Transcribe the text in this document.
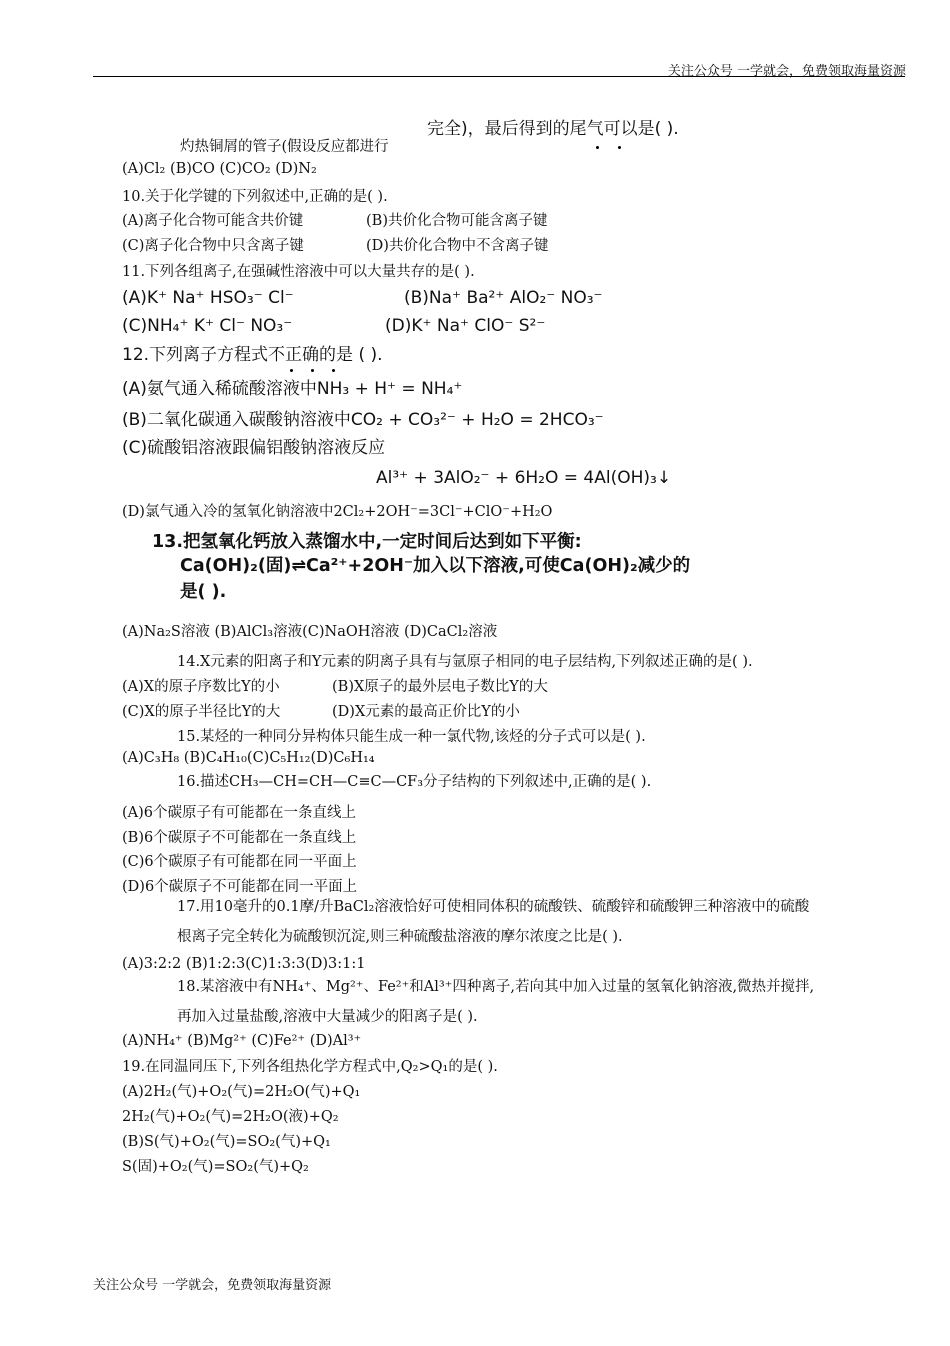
关注公众号 一学就会，免费领取海量资源
完全)，最后得到的尾气可以是( ).
灼热铜屑的管子(假设反应都进行
(A)Cl₂ (B)CO (C)CO₂ (D)N₂
10.关于化学键的下列叙述中,正确的是( ).
(A)离子化合物可能含共价键	(B)共价化合物可能含离子键
(C)离子化合物中只含离子键	(D)共价化合物中不含离子键
11.下列各组离子,在强碱性溶液中可以大量共存的是( ).
(A)K⁺ Na⁺ HSO₃⁻ Cl⁻	(B)Na⁺ Ba²⁺ AlO₂⁻ NO₃⁻
(C)NH₄⁺ K⁺ Cl⁻ NO₃⁻	(D)K⁺ Na⁺ ClO⁻ S²⁻
12.下列离子方程式不正确的是 ( ).
(A)氨气通入稀硫酸溶液中NH₃ + H⁺ = NH₄⁺
(B)二氧化碳通入碳酸钠溶液中CO₂ + CO₃²⁻ + H₂O = 2HCO₃⁻
(C)硫酸铝溶液跟偏铝酸钠溶液反应
Al³⁺ + 3AlO₂⁻ + 6H₂O = 4Al(OH)₃↓
(D)氯气通入冷的氢氧化钠溶液中2Cl₂+2OH⁻=3Cl⁻+ClO⁻+H₂O
13.把氢氧化钙放入蒸馏水中,一定时间后达到如下平衡:
Ca(OH)₂(固)⇌Ca²⁺+2OH⁻加入以下溶液,可使Ca(OH)₂减少的
是( ).
(A)Na₂S溶液 (B)AlCl₃溶液(C)NaOH溶液 (D)CaCl₂溶液
14.X元素的阳离子和Y元素的阴离子具有与氩原子相同的电子层结构,下列叙述正确的是( ).
(A)X的原子序数比Y的小	(B)X原子的最外层电子数比Y的大
(C)X的原子半径比Y的大	(D)X元素的最高正价比Y的小
15.某烃的一种同分异构体只能生成一种一氯代物,该烃的分子式可以是( ).
(A)C₃H₈ (B)C₄H₁₀(C)C₅H₁₂(D)C₆H₁₄
16.描述CH₃—CH=CH—C≡C—CF₃分子结构的下列叙述中,正确的是( ).
(A)6个碳原子有可能都在一条直线上
(B)6个碳原子不可能都在一条直线上
(C)6个碳原子有可能都在同一平面上
(D)6个碳原子不可能都在同一平面上
17.用10毫升的0.1摩/升BaCl₂溶液恰好可使相同体积的硫酸铁、硫酸锌和硫酸钾三种溶液中的硫酸
根离子完全转化为硫酸钡沉淀,则三种硫酸盐溶液的摩尔浓度之比是( ).
(A)3:2:2 (B)1:2:3(C)1:3:3(D)3:1:1
18.某溶液中有NH₄⁺、Mg²⁺、Fe²⁺和Al³⁺四种离子,若向其中加入过量的氢氧化钠溶液,微热并搅拌,
再加入过量盐酸,溶液中大量减少的阳离子是( ).
(A)NH₄⁺ (B)Mg²⁺ (C)Fe²⁺ (D)Al³⁺
19.在同温同压下,下列各组热化学方程式中,Q₂>Q₁的是( ).
(A)2H₂(气)+O₂(气)=2H₂O(气)+Q₁
2H₂(气)+O₂(气)=2H₂O(液)+Q₂
(B)S(气)+O₂(气)=SO₂(气)+Q₁
S(固)+O₂(气)=SO₂(气)+Q₂
关注公众号 一学就会，免费领取海量资源
